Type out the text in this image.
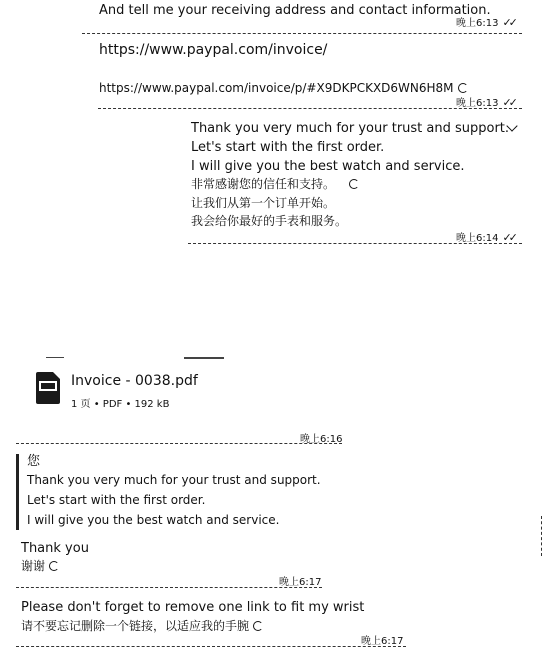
And tell me your receiving address and contact information.
晚上6:13 ✓✓
https://www.paypal.com/invoice/
https://www.paypal.com/invoice/p/#X9DKPCKXD6WN6H8M
晚上6:13 ✓✓
Thank you very much for your trust and support.
Let's start with the first order.
I will give you the best watch and service.
非常感谢您的信任和支持。
让我们从第一个订单开始。
我会给你最好的手表和服务。
晚上6:14 ✓✓
Invoice - 0038.pdf
1 页 • PDF • 192 kB
晚上6:16
您
Thank you very much for your trust and support.
Let's start with the first order.
I will give you the best watch and service.
Thank you
谢谢
晚上6:17
Please don't forget to remove one link to fit my wrist
请不要忘记删除一个链接，以适应我的手腕
晚上6:17
